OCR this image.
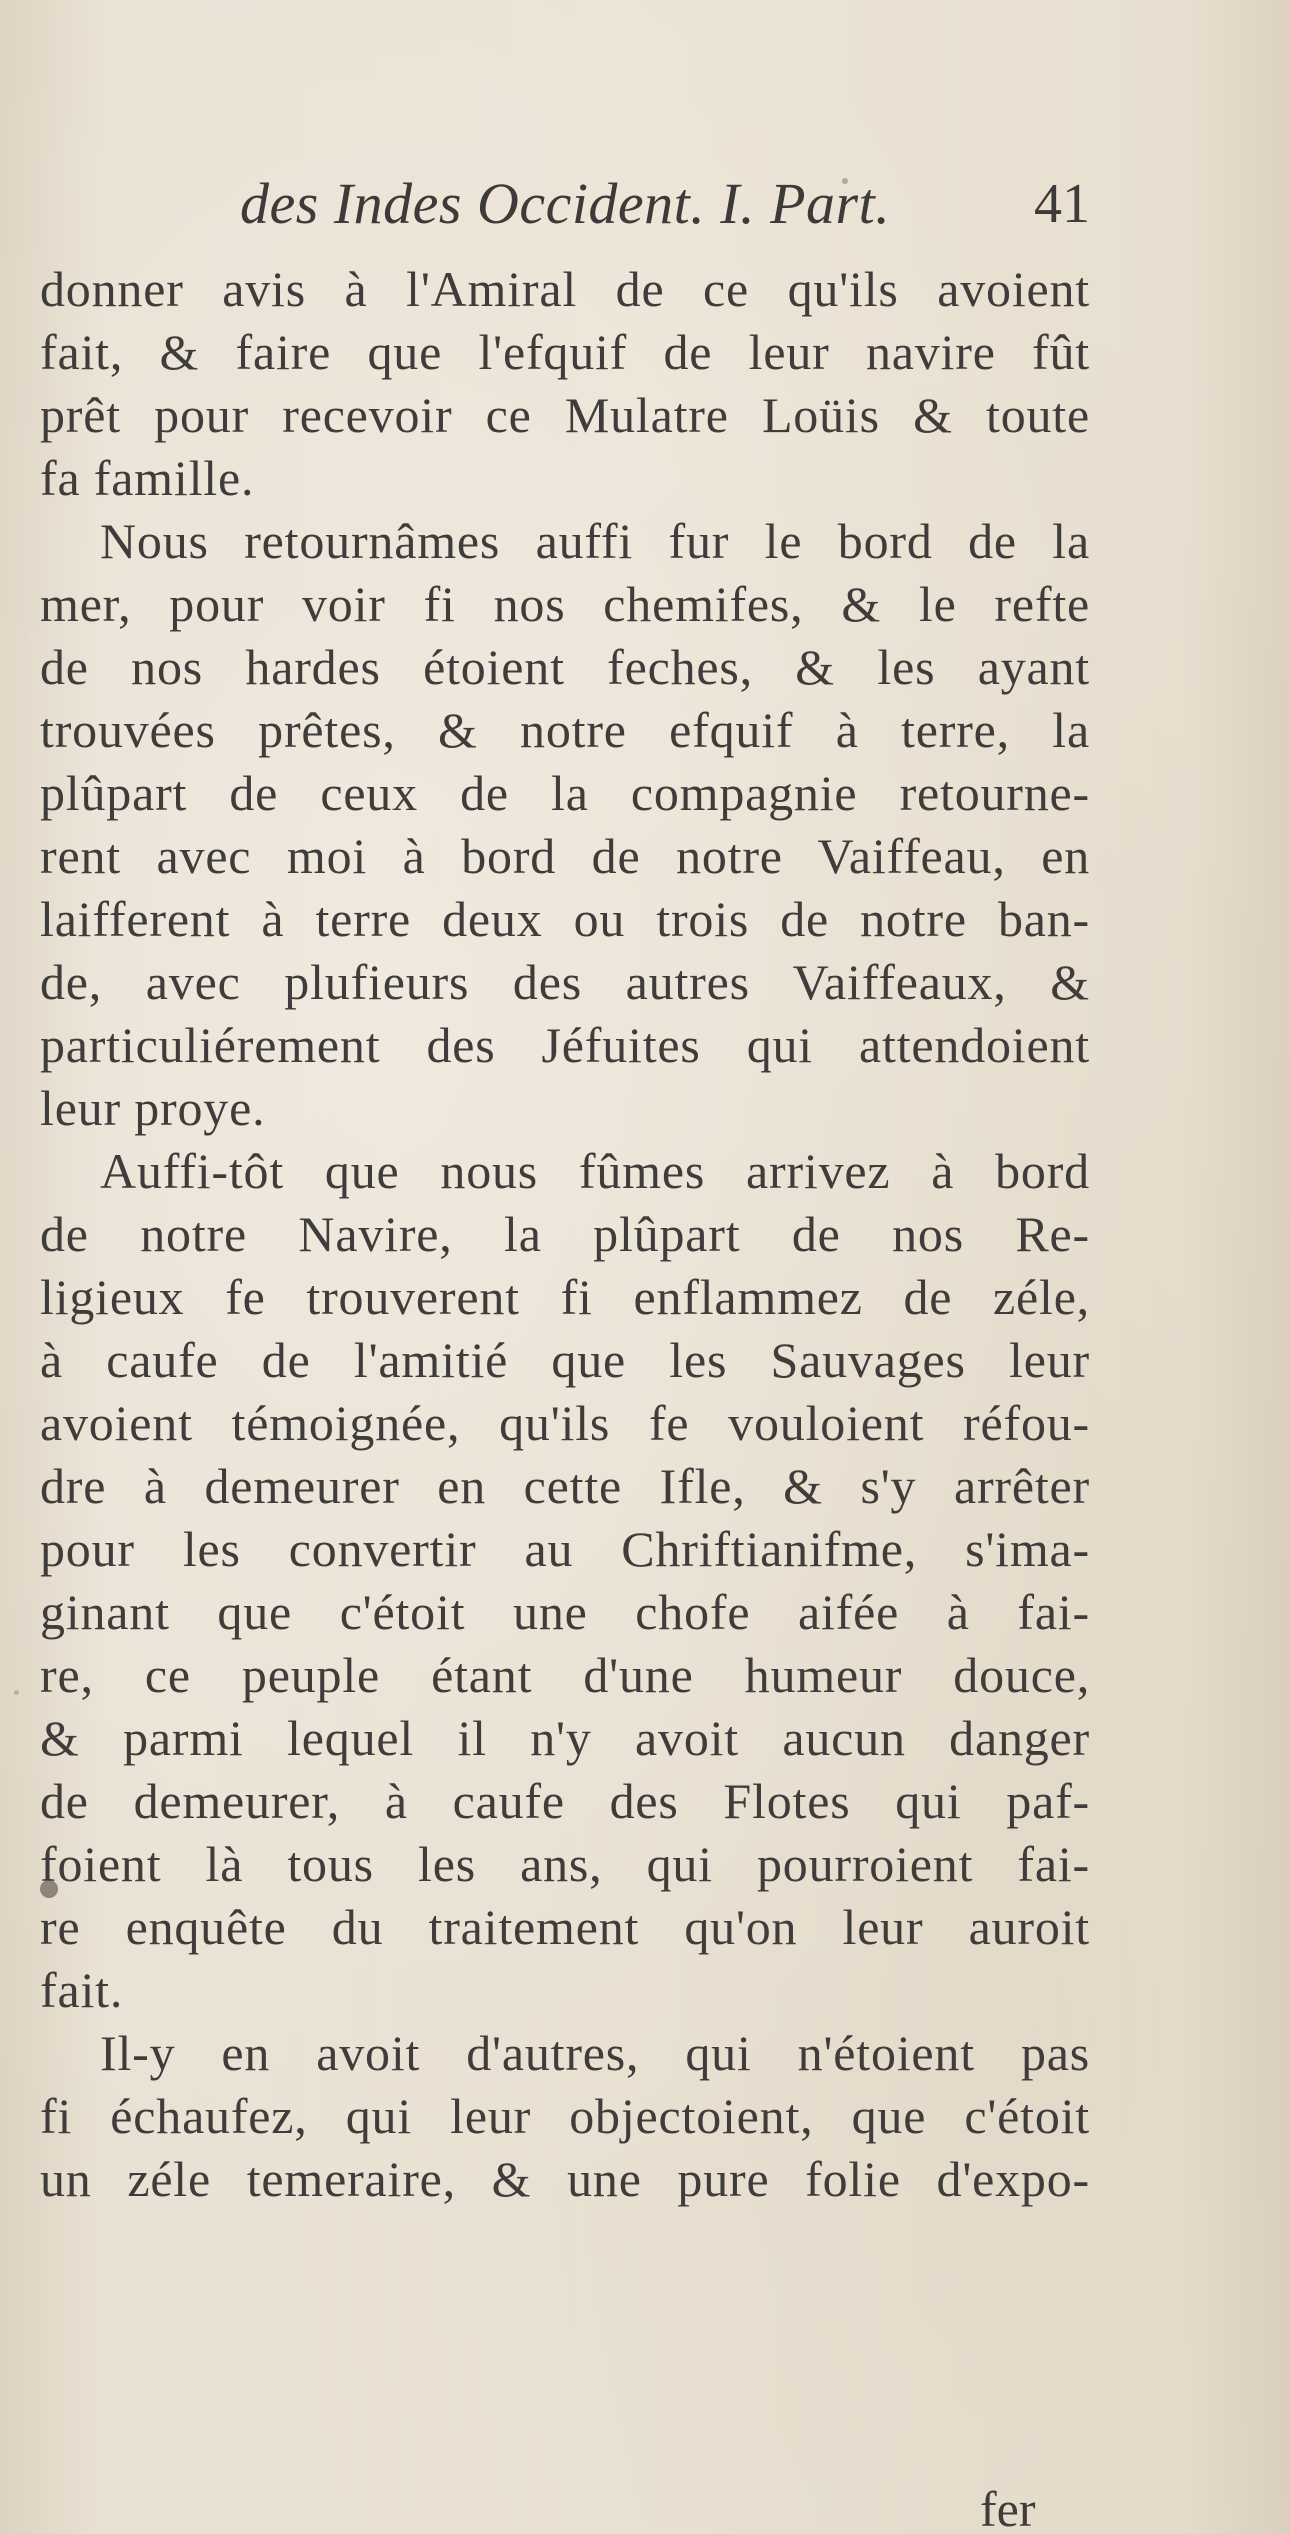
des Indes Occident. I. Part.	41
donner avis à l'Amiral de ce qu'ils avoient
fait, & faire que l'efquif de leur navire fût
prêt pour recevoir ce Mulatre Loüis & toute
fa famille.
Nous retournâmes auffi fur le bord de la
mer, pour voir fi nos chemifes, & le refte
de nos hardes étoient feches, & les ayant
trouvées prêtes, & notre efquif à terre, la
plûpart de ceux de la compagnie retourne-
rent avec moi à bord de notre Vaiffeau, en
laifferent à terre deux ou trois de notre ban-
de, avec plufieurs des autres Vaiffeaux, &
particuliérement des Jéfuites qui attendoient
leur proye.
Auffi-tôt que nous fûmes arrivez à bord
de notre Navire, la plûpart de nos Re-
ligieux fe trouverent fi enflammez de zéle,
à caufe de l'amitié que les Sauvages leur
avoient témoignée, qu'ils fe vouloient réfou-
dre à demeurer en cette Ifle, & s'y arrêter
pour les convertir au Chriftianifme, s'ima-
ginant que c'étoit une chofe aifée à fai-
re, ce peuple étant d'une humeur douce,
& parmi lequel il n'y avoit aucun danger
de demeurer, à caufe des Flotes qui paf-
foient là tous les ans, qui pourroient fai-
re enquête du traitement qu'on leur auroit
fait.
Il-y en avoit d'autres, qui n'étoient pas
fi échaufez, qui leur objectoient, que c'étoit
un zéle temeraire, & une pure folie d'expo-
fer
